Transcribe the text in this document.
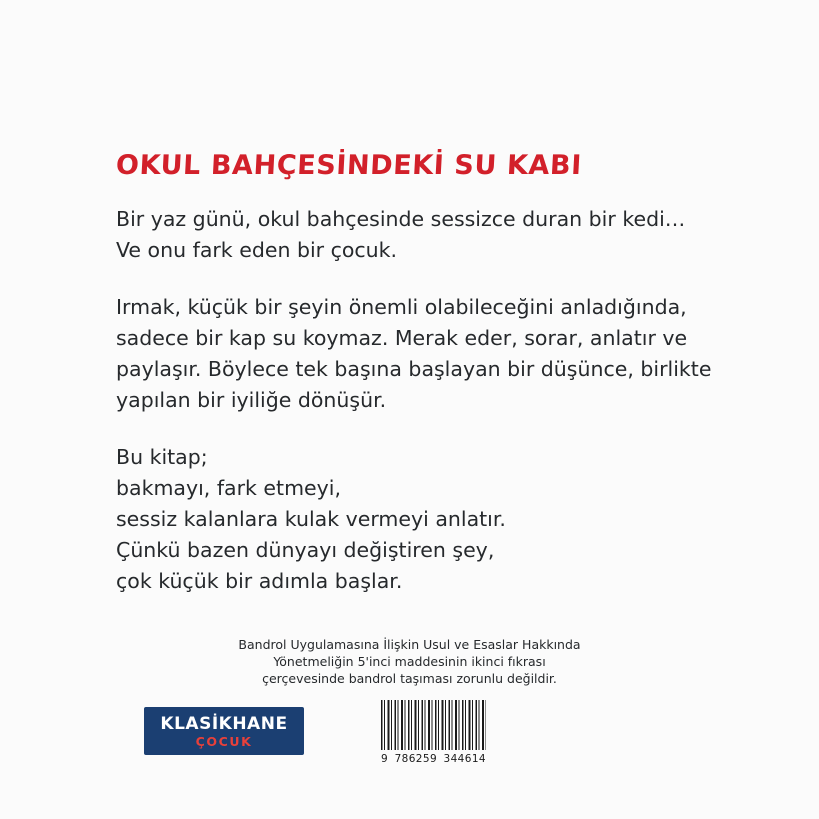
OKUL BAHÇESİNDEKİ SU KABI

Bir yaz günü, okul bahçesinde sessizce duran bir kedi…
Ve onu fark eden bir çocuk.

Irmak, küçük bir şeyin önemli olabileceğini anladığında, sadece bir kap su koymaz. Merak eder, sorar, anlatır ve paylaşır. Böylece tek başına başlayan bir düşünce, birlikte yapılan bir iyiliğe dönüşür.

Bu kitap;
bakmayı, fark etmeyi,
sessiz kalanlara kulak vermeyi anlatır.
Çünkü bazen dünyayı değiştiren şey,
çok küçük bir adımla başlar.

Bandrol Uygulamasına İlişkin Usul ve Esaslar Hakkında
Yönetmeliğin 5'inci maddesinin ikinci fıkrası
çerçevesinde bandrol taşıması zorunlu değildir.
KLASİKHANE
ÇOCUK
9 786259 344614
